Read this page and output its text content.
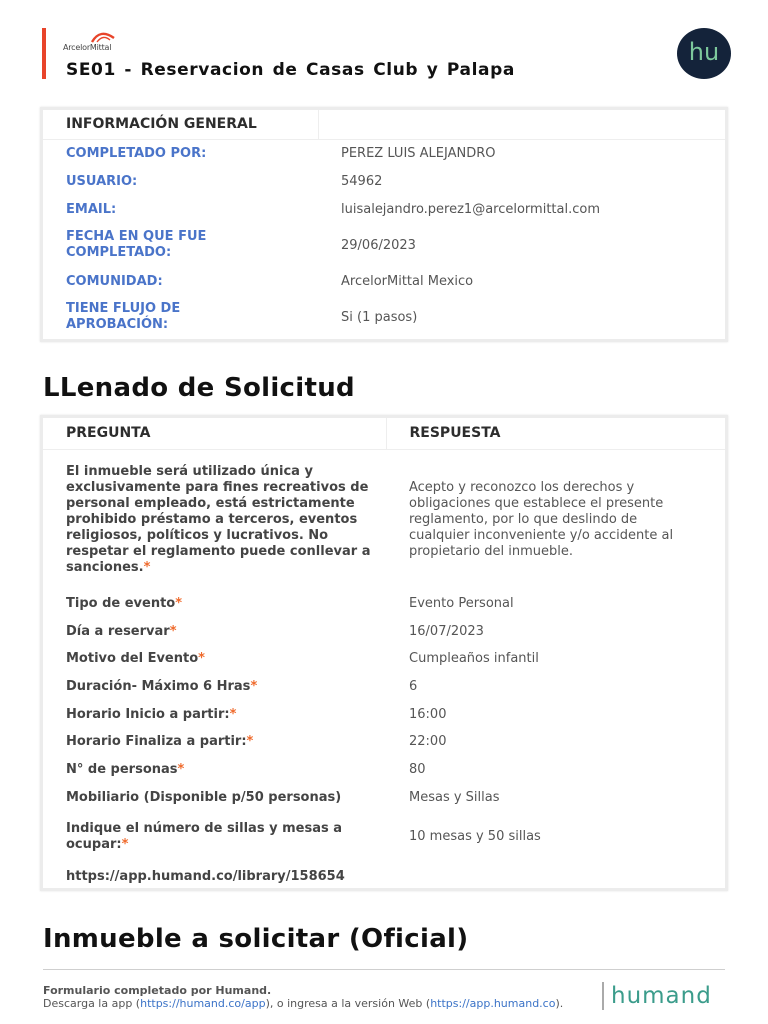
ArcelorMittal
SE01 - Reservacion de Casas Club y Palapa
hu
INFORMACIÓN GENERAL	
COMPLETADO POR:	PEREZ LUIS ALEJANDRO
USUARIO:	54962
EMAIL:	luisalejandro.perez1@arcelormittal.com
FECHA EN QUE FUE COMPLETADO:	29/06/2023
COMUNIDAD:	ArcelorMittal Mexico
TIENE FLUJO DE APROBACIÓN:	Si (1 pasos)
LLenado de Solicitud
PREGUNTA	RESPUESTA
El inmueble será utilizado única y exclusivamente para fines recreativos de personal empleado, está estrictamente prohibido préstamo a terceros, eventos religiosos, políticos y lucrativos. No respetar el reglamento puede conllevar a sanciones.*	Acepto y reconozco los derechos y obligaciones que establece el presente reglamento, por lo que deslindo de cualquier inconveniente y/o accidente al propietario del inmueble.
Tipo de evento*	Evento Personal
Día a reservar*	16/07/2023
Motivo del Evento*	Cumpleaños infantil
Duración- Máximo 6 Hras*	6
Horario Inicio a partir:*	16:00
Horario Finaliza a partir:*	22:00
N° de personas*	80
Mobiliario (Disponible p/50 personas)	Mesas y Sillas
Indique el número de sillas y mesas a ocupar:*	10 mesas y 50 sillas
https://app.humand.co/library/158654	
Inmueble a solicitar (Oficial)
Formulario completado por Humand.
Descarga la app (https://humand.co/app), o ingresa a la versión Web (https://app.humand.co). humand
